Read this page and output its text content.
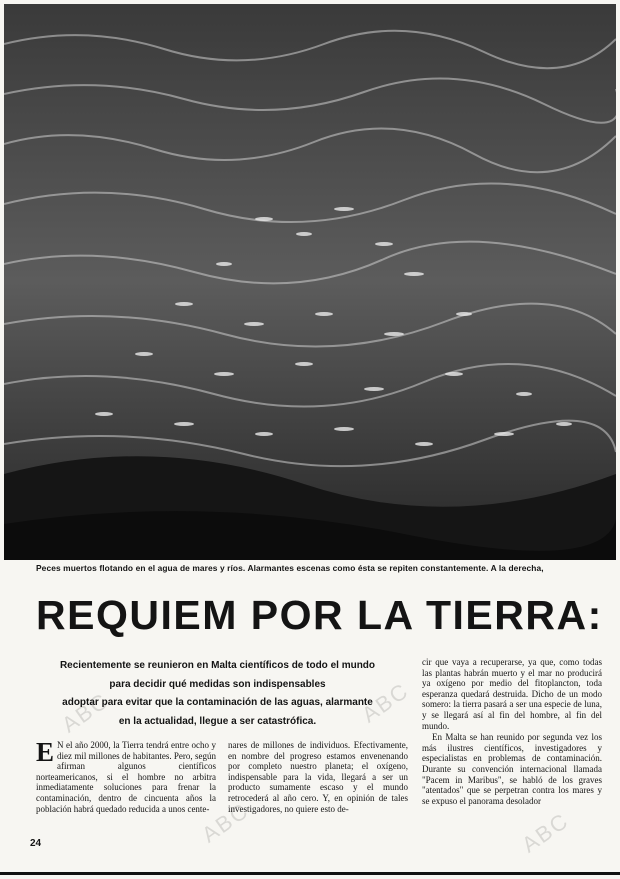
Peces muertos flotando en el agua de mares y ríos. Alarmantes escenas como ésta se repiten constantemente. A la derecha,
REQUIEM POR LA TIERRA:
Recientemente se reunieron en Malta científicos de todo el mundo
para decidir qué medidas son indispensables
adoptar para evitar que la contaminación de las aguas, alarmante
en la actualidad, llegue a ser catastrófica.
E N el año 2000, la Tierra tendrá entre ocho y diez mil millones de habitantes. Pero, según afirman algunos científicos norteamericanos, si el hombre no arbitra inmediatamente soluciones para frenar la contaminación, dentro de cincuenta años la población habrá quedado reducida a unos cente-
nares de millones de individuos. Efectivamente, en nombre del progreso estamos envenenando por completo nuestro planeta; el oxígeno, indispensable para la vida, llegará a ser un producto sumamente escaso y el mundo retrocederá al año cero. Y, en opinión de tales investigadores, no quiere esto de-
cir que vaya a recuperarse, ya que, como todas las plantas habrán muerto y el mar no producirá ya oxígeno por medio del fitoplancton, toda esperanza quedará destruida. Dicho de un modo somero: la tierra pasará a ser una especie de luna, y se llegará así al fin del hombre, al fin del mundo.
En Malta se han reunido por segunda vez los más ilustres científicos, investigadores y especialistas en problemas de contaminación. Durante su convención internacional llamada "Pacem in Maribus", se habló de los graves "atentados" que se perpetran contra los mares y se expuso el panorama desolador
24
ABC
ABC
ABC
ABC
